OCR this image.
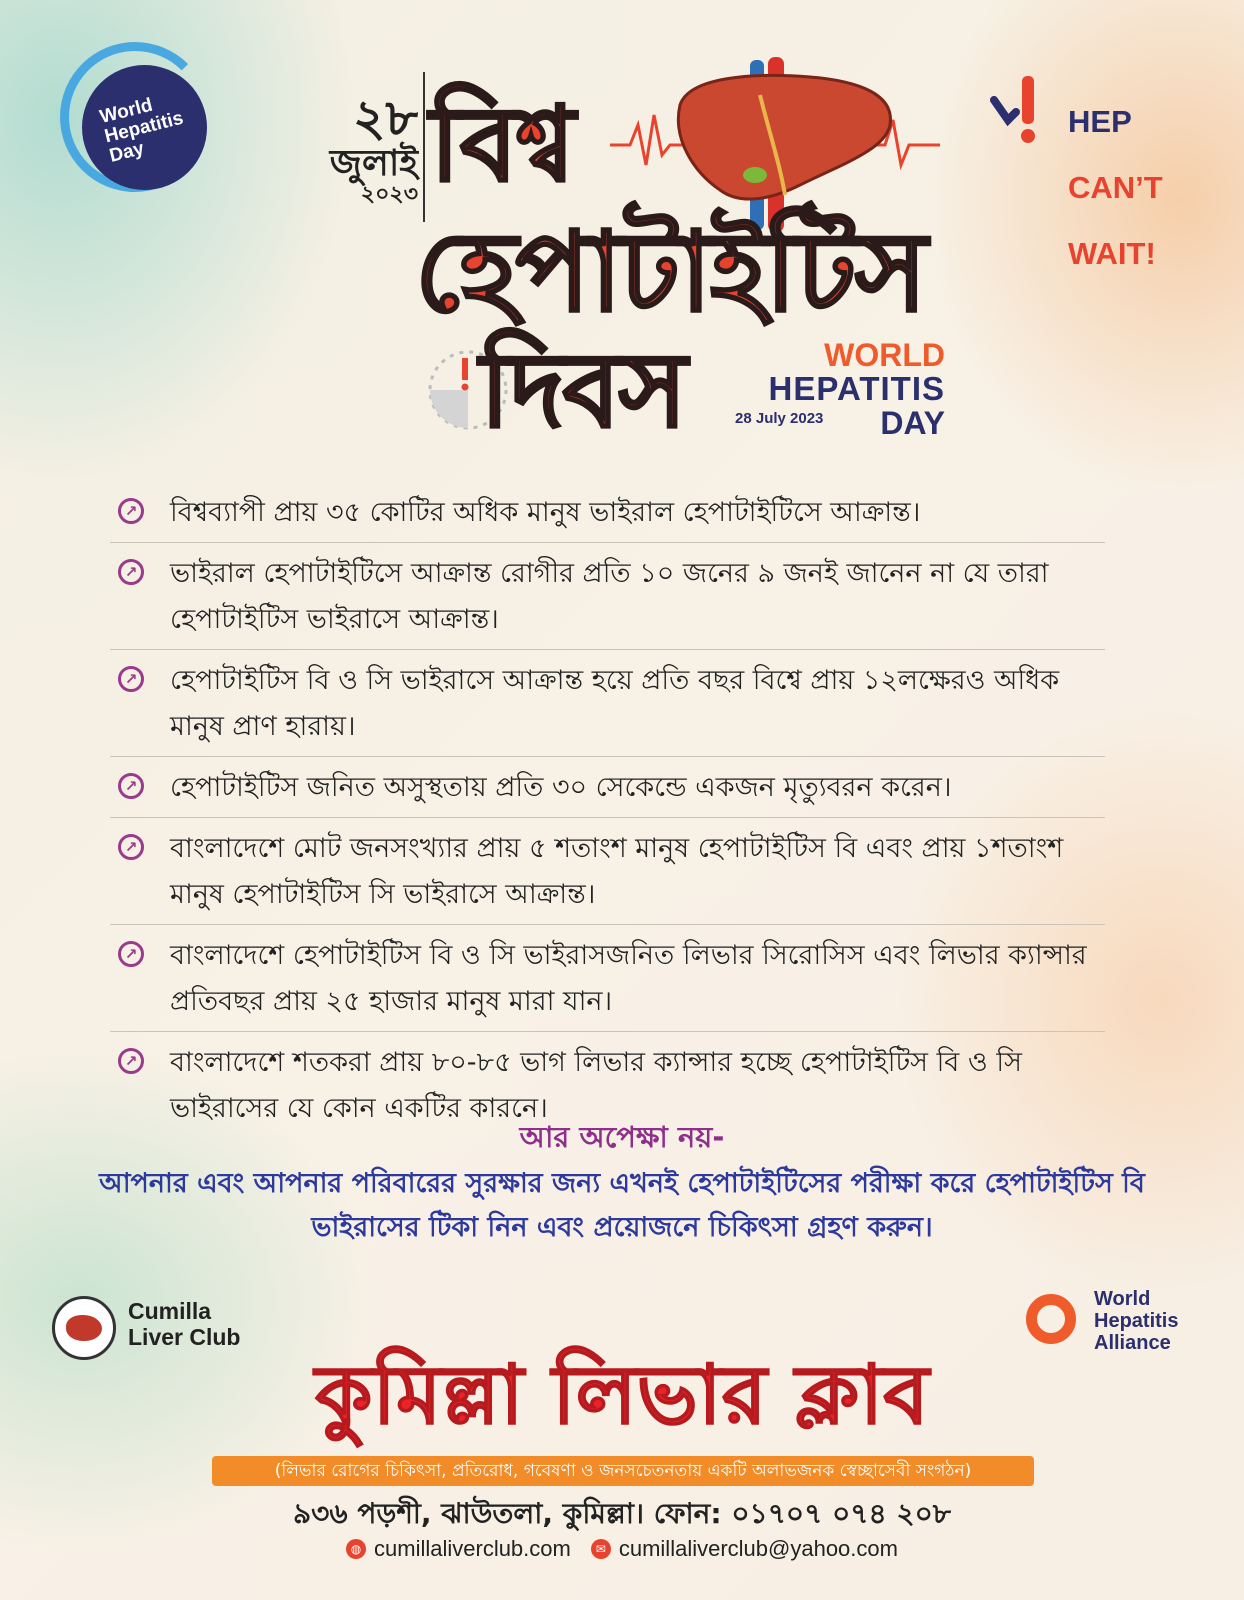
World
Hepatitis
Day
২৮
জুলাই
২০২৩ বিশ্ব
হেপাটাইটিস
দিবস	WORLD
HEPATITIS
28 July 2023	DAY

HEP

CAN’T

WAIT!

↗ বিশ্বব্যাপী প্রায় ৩৫ কোটির অধিক মানুষ ভাইরাল হেপাটাইটিসে আক্রান্ত।
↗ ভাইরাল হেপাটাইটিসে আক্রান্ত রোগীর প্রতি ১০ জনের ৯ জনই জানেন না যে তারা হেপাটাইটিস ভাইরাসে আক্রান্ত।
↗ হেপাটাইটিস বি ও সি ভাইরাসে আক্রান্ত হয়ে প্রতি বছর বিশ্বে প্রায় ১২লক্ষেরও অধিক মানুষ প্রাণ হারায়।
↗ হেপাটাইটিস জনিত অসুস্থতায় প্রতি ৩০ সেকেন্ডে একজন মৃত্যুবরন করেন।
↗ বাংলাদেশে মোট জনসংখ্যার প্রায় ৫ শতাংশ মানুষ হেপাটাইটিস বি এবং প্রায় ১শতাংশ মানুষ হেপাটাইটিস সি ভাইরাসে আক্রান্ত।
↗ বাংলাদেশে হেপাটাইটিস বি ও সি ভাইরাসজনিত লিভার সিরোসিস এবং লিভার ক্যান্সার প্রতিবছর প্রায় ২৫ হাজার মানুষ মারা যান।
↗ বাংলাদেশে শতকরা প্রায় ৮০-৮৫ ভাগ লিভার ক্যান্সার হচ্ছে হেপাটাইটিস বি ও সি ভাইরাসের যে কোন একটির কারনে।
আর অপেক্ষা নয়-
আপনার এবং আপনার পরিবারের সুরক্ষার জন্য এখনই হেপাটাইটিসের পরীক্ষা করে হেপাটাইটিস বি ভাইরাসের টিকা নিন এবং প্রয়োজনে চিকিৎসা গ্রহণ করুন।
Cumilla
Liver Club
World
Hepatitis
Alliance
কুমিল্লা লিভার ক্লাব
(লিভার রোগের চিকিৎসা, প্রতিরোধ, গবেষণা ও জনসচেতনতায় একটি অলাভজনক স্বেচ্ছাসেবী সংগঠন)
৯৩৬ পড়শী, ঝাউতলা, কুমিল্লা। ফোন: ০১৭০৭ ০৭৪ ২০৮
◍ cumillaliverclub.com	✉ cumillaliverclub@yahoo.com
